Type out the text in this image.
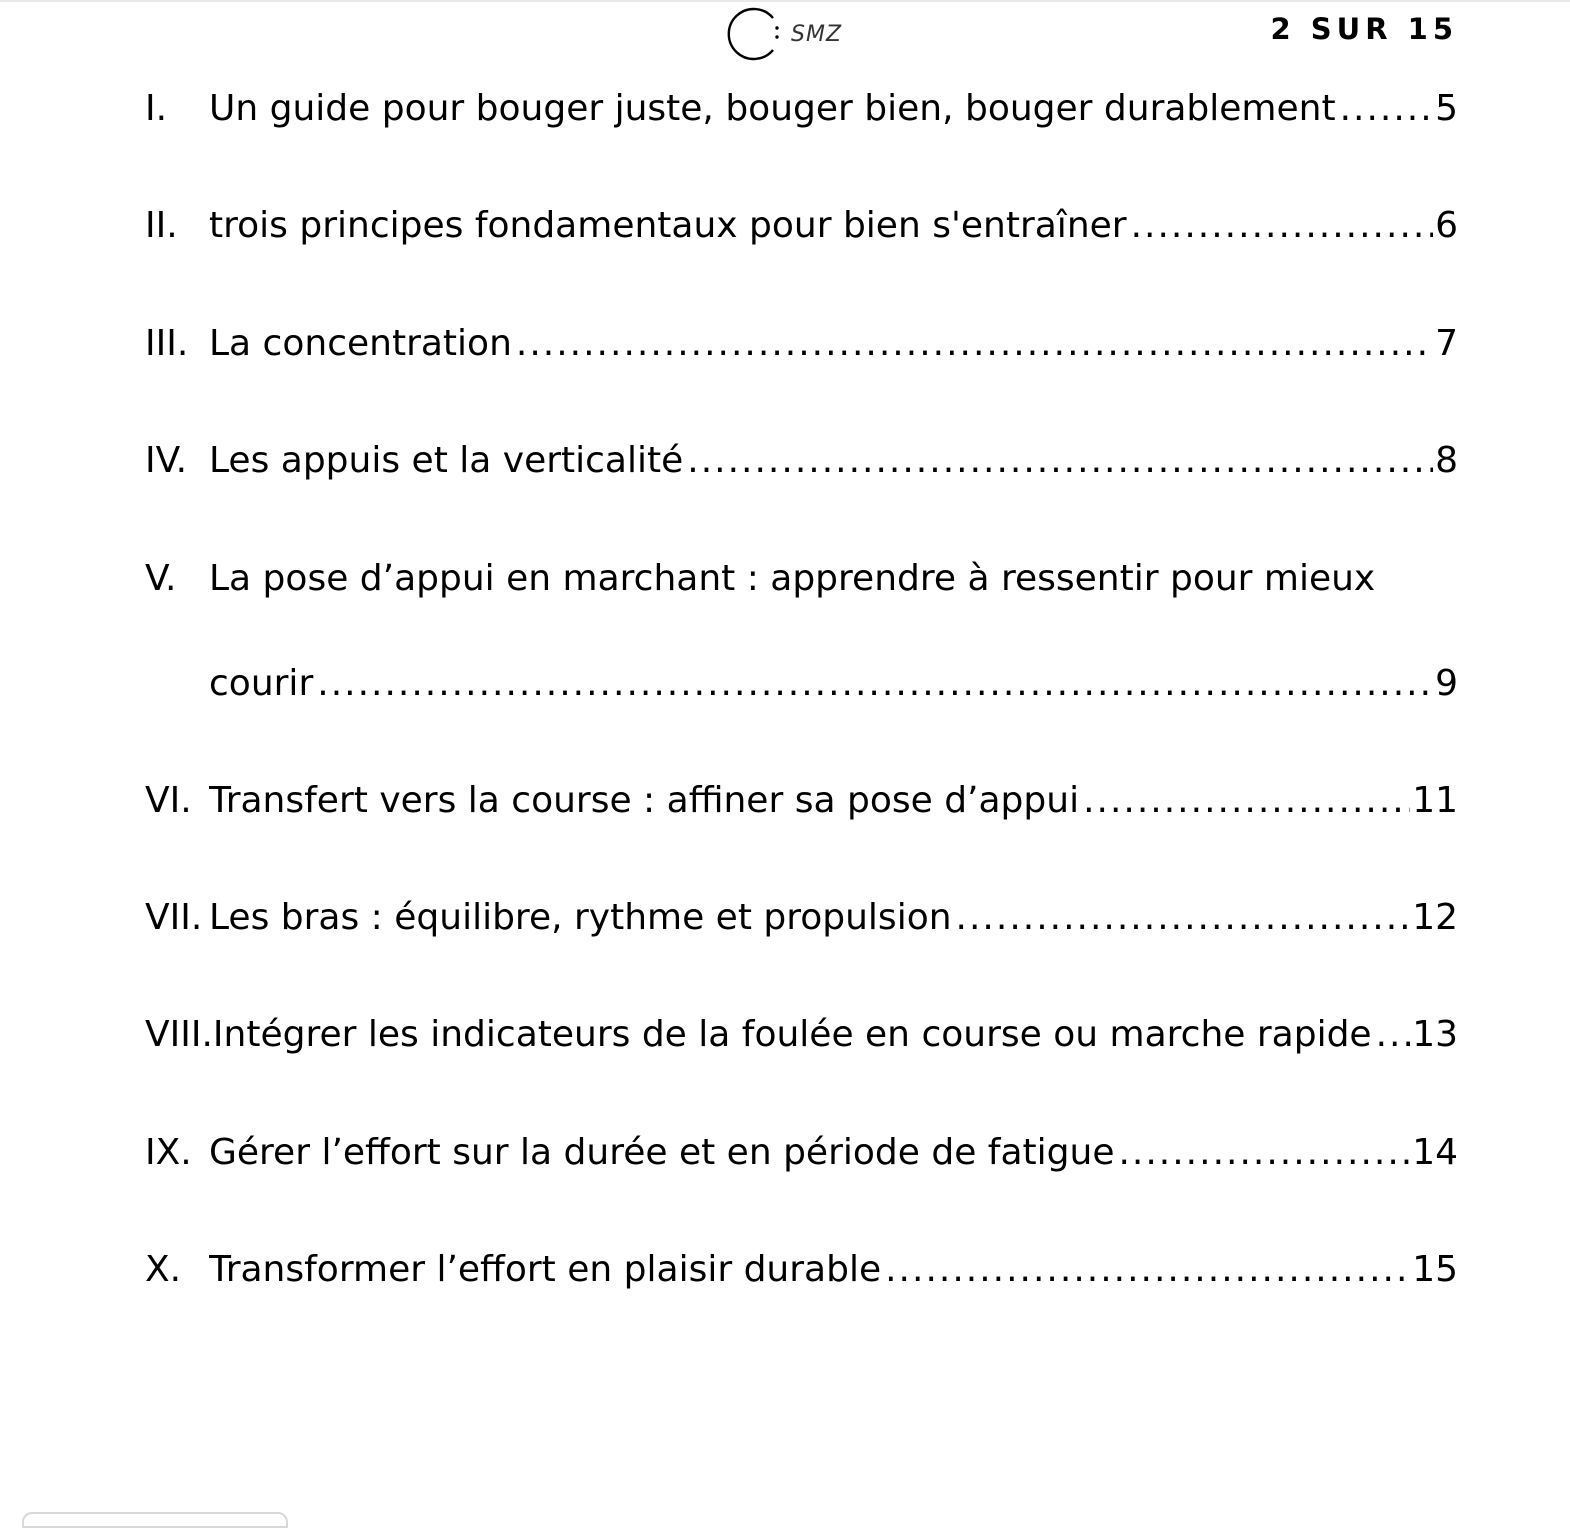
SMZ	2 SUR 15
I.	Un guide pour bouger juste, bouger bien, bouger durablement .....	5
II. trois principes fondamentaux pour bien s'entraîner .....	6
III. La concentration .....	7
IV. Les appuis et la verticalité .....	8
V. La pose d’appui en marchant : apprendre à ressentir pour mieux
courir .....	9
VI. Transfert vers la course : affiner sa pose d’appui .....	11
VII. Les bras : équilibre, rythme et propulsion .....	12
VIII. Intégrer les indicateurs de la foulée en course ou marche rapide ..... 13
IX. Gérer l’effort sur la durée et en période de fatigue .....	14
X. Transformer l’effort en plaisir durable .....	15
